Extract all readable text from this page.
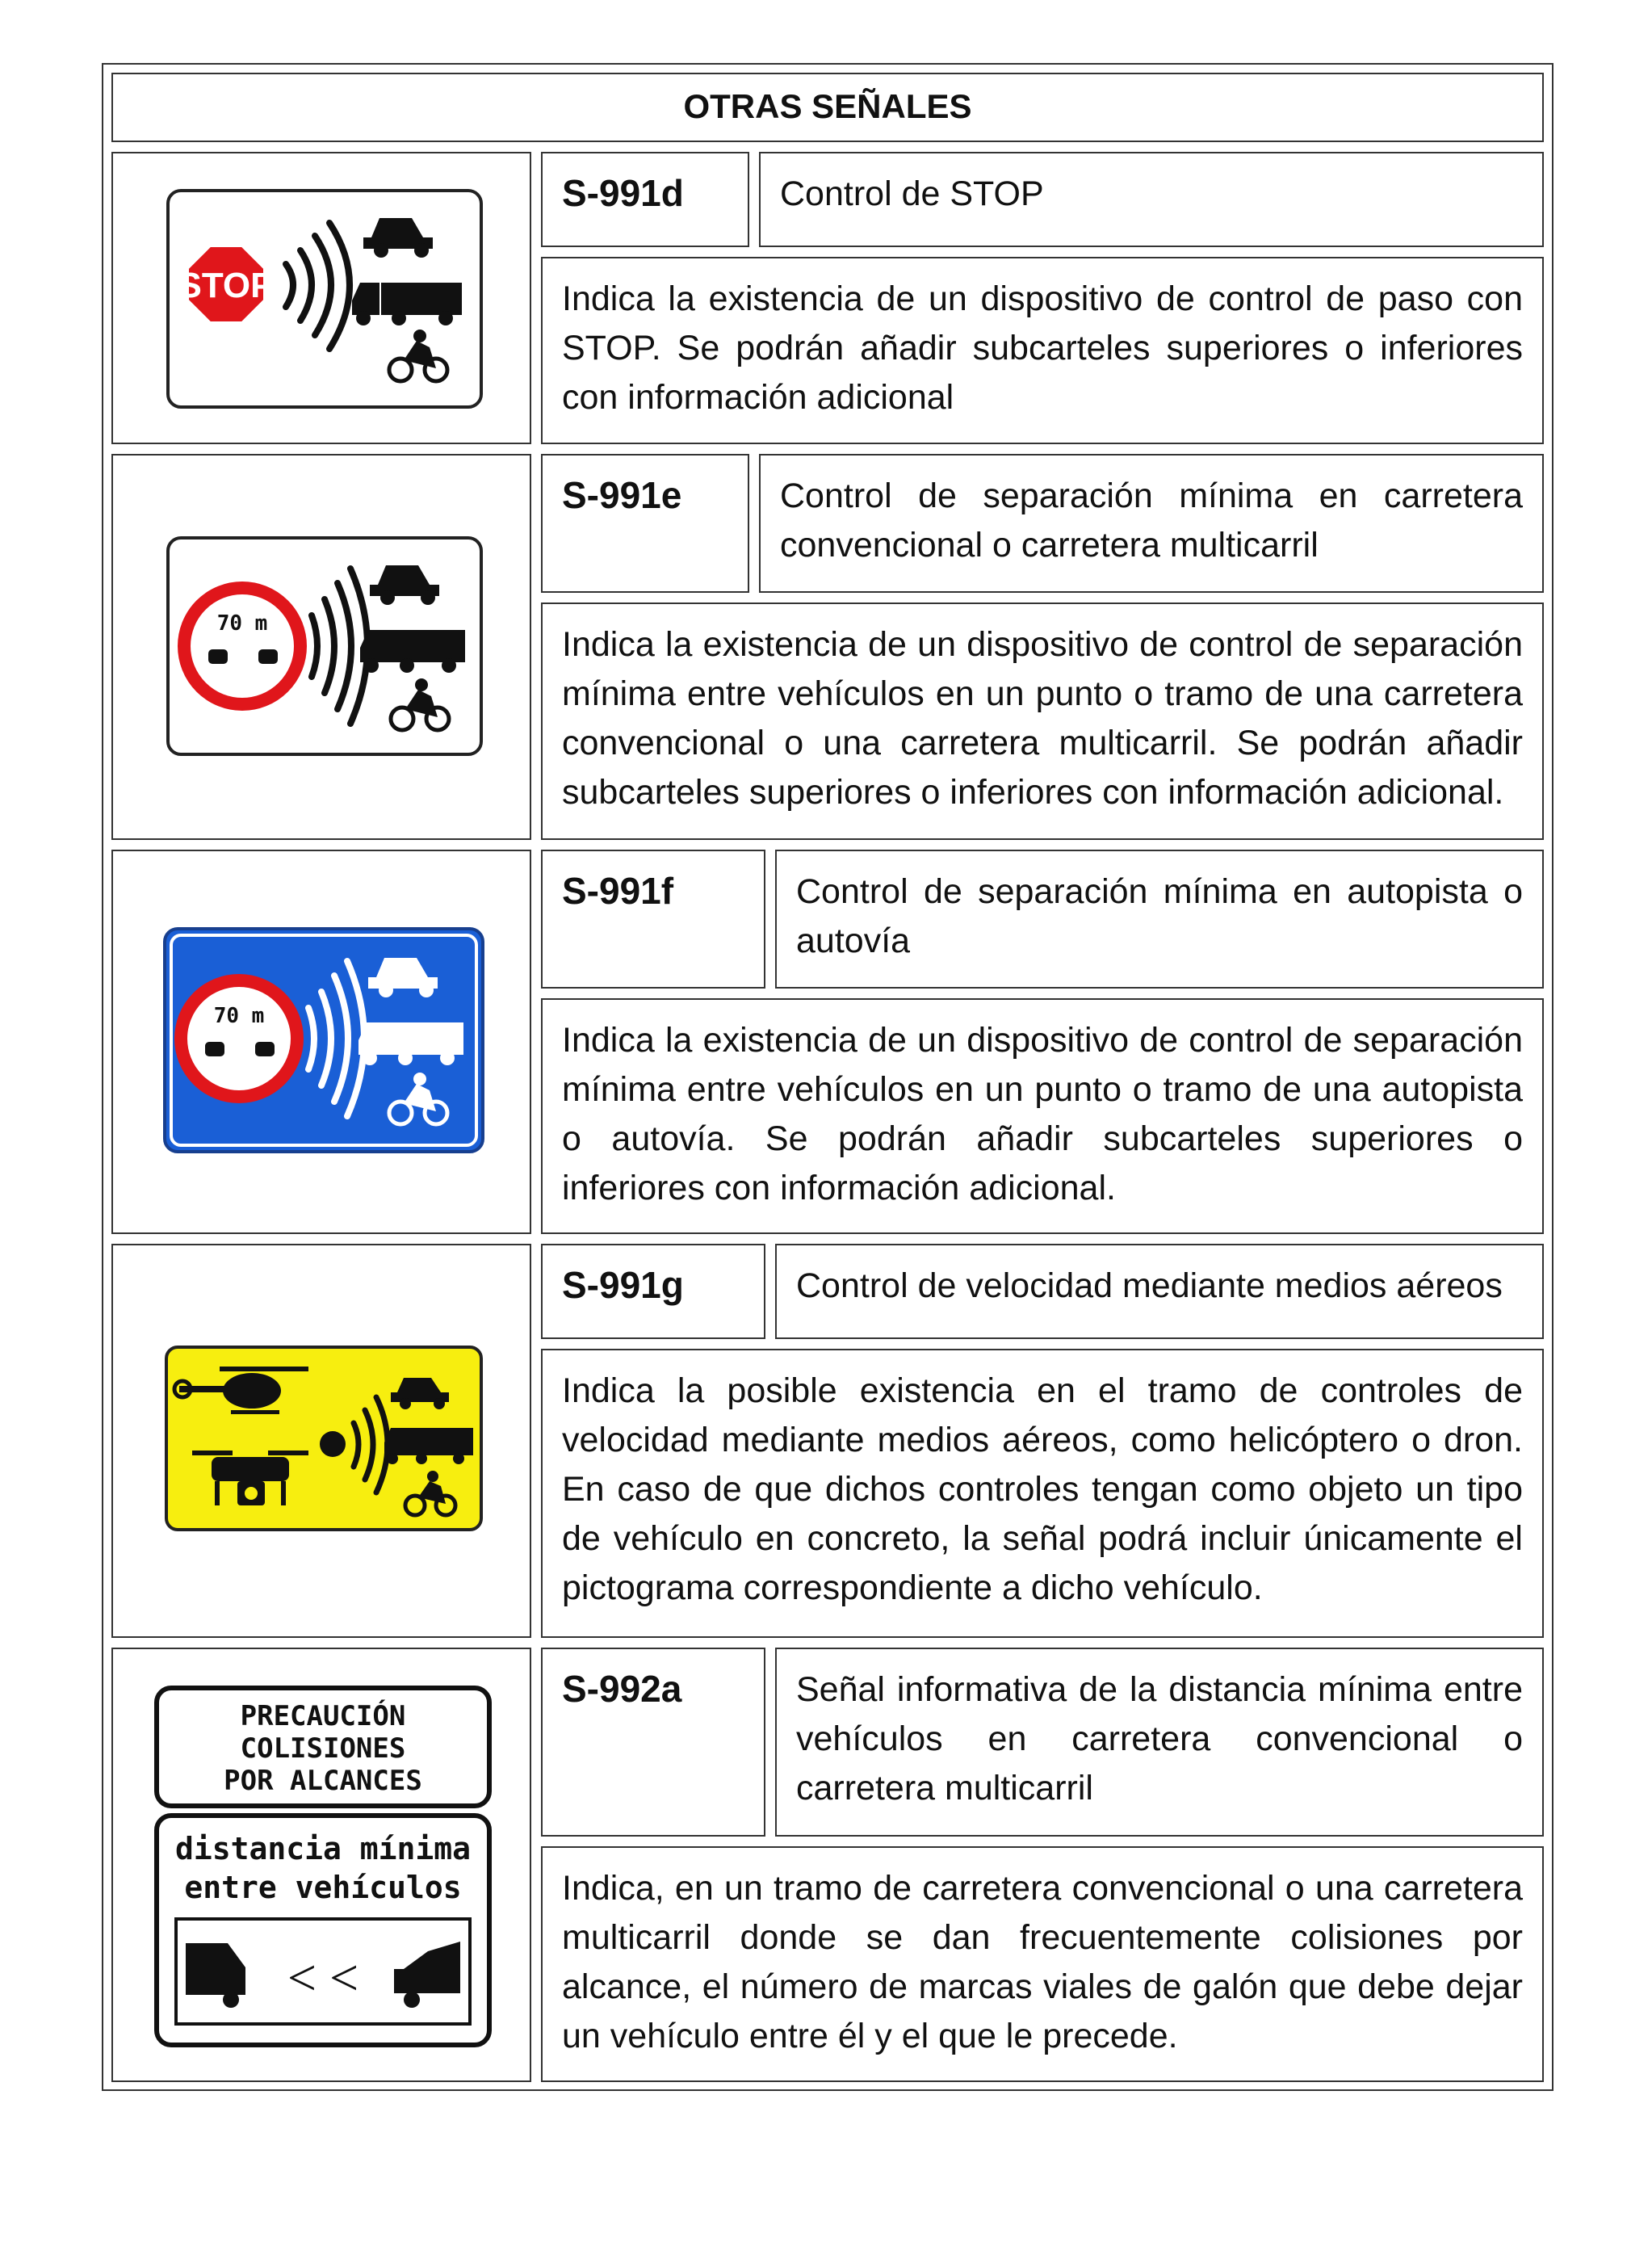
OTRAS SEÑALES
STOP
S-991d	Control de STOP
Indica la existencia de un dispositivo de control de paso con STOP. Se podrán añadir subcarteles superiores o inferiores con información adicional
70 m
S-991e	Control de separación mínima en carretera convencional o carretera multicarril
Indica la existencia de un dispositivo de control de separación mínima entre vehículos en un punto o tramo de una carretera convencional o una carretera multicarril. Se podrán añadir subcarteles superiores o inferiores con información adicional.
70 m
S-991f	Control de separación mínima en autopista o autovía
Indica la existencia de un dispositivo de control de separación mínima entre vehículos en un punto o tramo de una autopista o autovía. Se podrán añadir subcarteles superiores o inferiores con información adicional.
S-991g	Control de velocidad mediante medios aéreos
Indica la posible existencia en el tramo de controles de velocidad mediante medios aéreos, como helicóptero o dron. En caso de que dichos controles tengan como objeto un tipo de vehículo en concreto, la señal podrá incluir únicamente el pictograma correspondiente a dicho vehículo.
PRECAUCIÓN
COLISIONES
POR ALCANCES
distancia mínima
entre vehículos
< <
S-992a	Señal informativa de la distancia mínima entre vehículos en carretera convencional o carretera multicarril
Indica, en un tramo de carretera convencional o una carretera multicarril donde se dan frecuentemente colisiones por alcance, el número de marcas viales de galón que debe dejar un vehículo entre él y el que le precede.
